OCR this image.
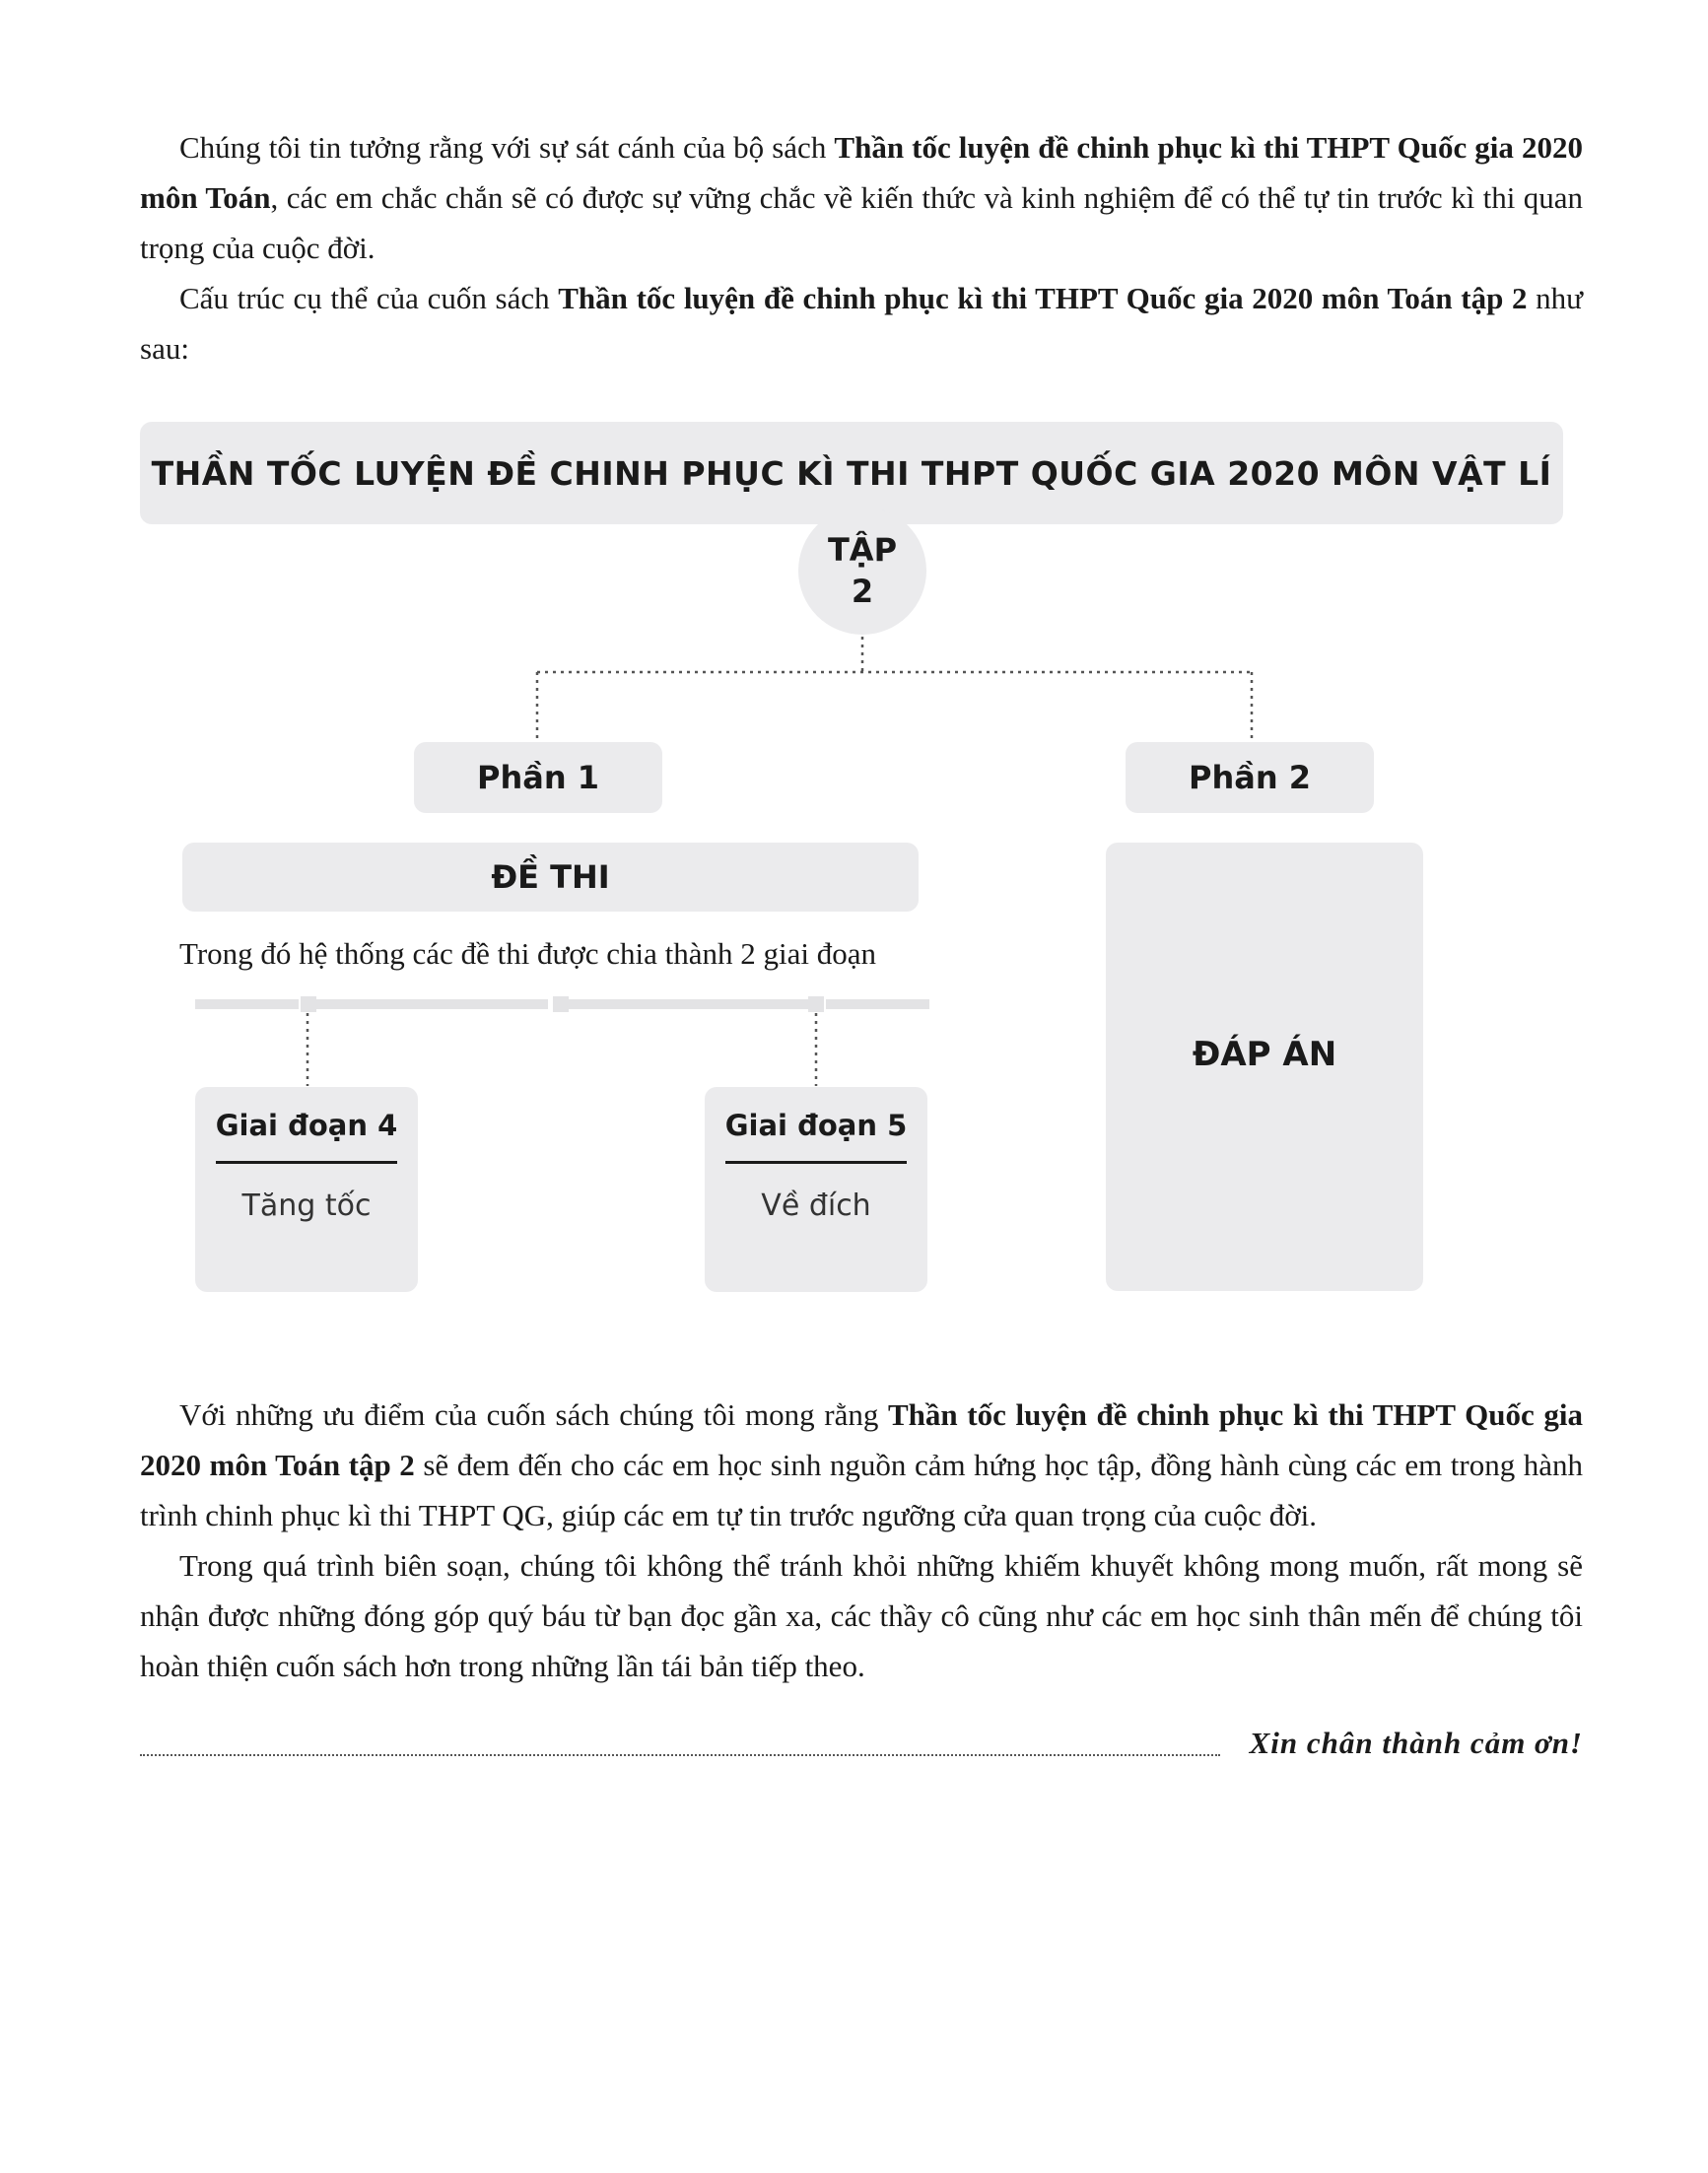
Chúng tôi tin tưởng rằng với sự sát cánh của bộ sách Thần tốc luyện đề chinh phục kì thi THPT Quốc gia 2020 môn Toán, các em chắc chắn sẽ có được sự vững chắc về kiến thức và kinh nghiệm để có thể tự tin trước kì thi quan trọng của cuộc đời.

Cấu trúc cụ thể của cuốn sách Thần tốc luyện đề chinh phục kì thi THPT Quốc gia 2020 môn Toán tập 2 như sau:

THẦN TỐC LUYỆN ĐỀ CHINH PHỤC KÌ THI THPT QUỐC GIA 2020 MÔN VẬT LÍ
TẬP
2
Phần 1	Phần 2
ĐỀ THI
ĐÁP ÁN

Trong đó hệ thống các đề thi được chia thành 2 giai đoạn

Giai đoạn 4
Tăng tốc
Giai đoạn 5
Về đích

Với những ưu điểm của cuốn sách chúng tôi mong rằng Thần tốc luyện đề chinh phục kì thi THPT Quốc gia 2020 môn Toán tập 2 sẽ đem đến cho các em học sinh nguồn cảm hứng học tập, đồng hành cùng các em trong hành trình chinh phục kì thi THPT QG, giúp các em tự tin trước ngưỡng cửa quan trọng của cuộc đời.

Trong quá trình biên soạn, chúng tôi không thể tránh khỏi những khiếm khuyết không mong muốn, rất mong sẽ nhận được những đóng góp quý báu từ bạn đọc gần xa, các thầy cô cũng như các em học sinh thân mến để chúng tôi hoàn thiện cuốn sách hơn trong những lần tái bản tiếp theo.

Xin chân thành cảm ơn!
